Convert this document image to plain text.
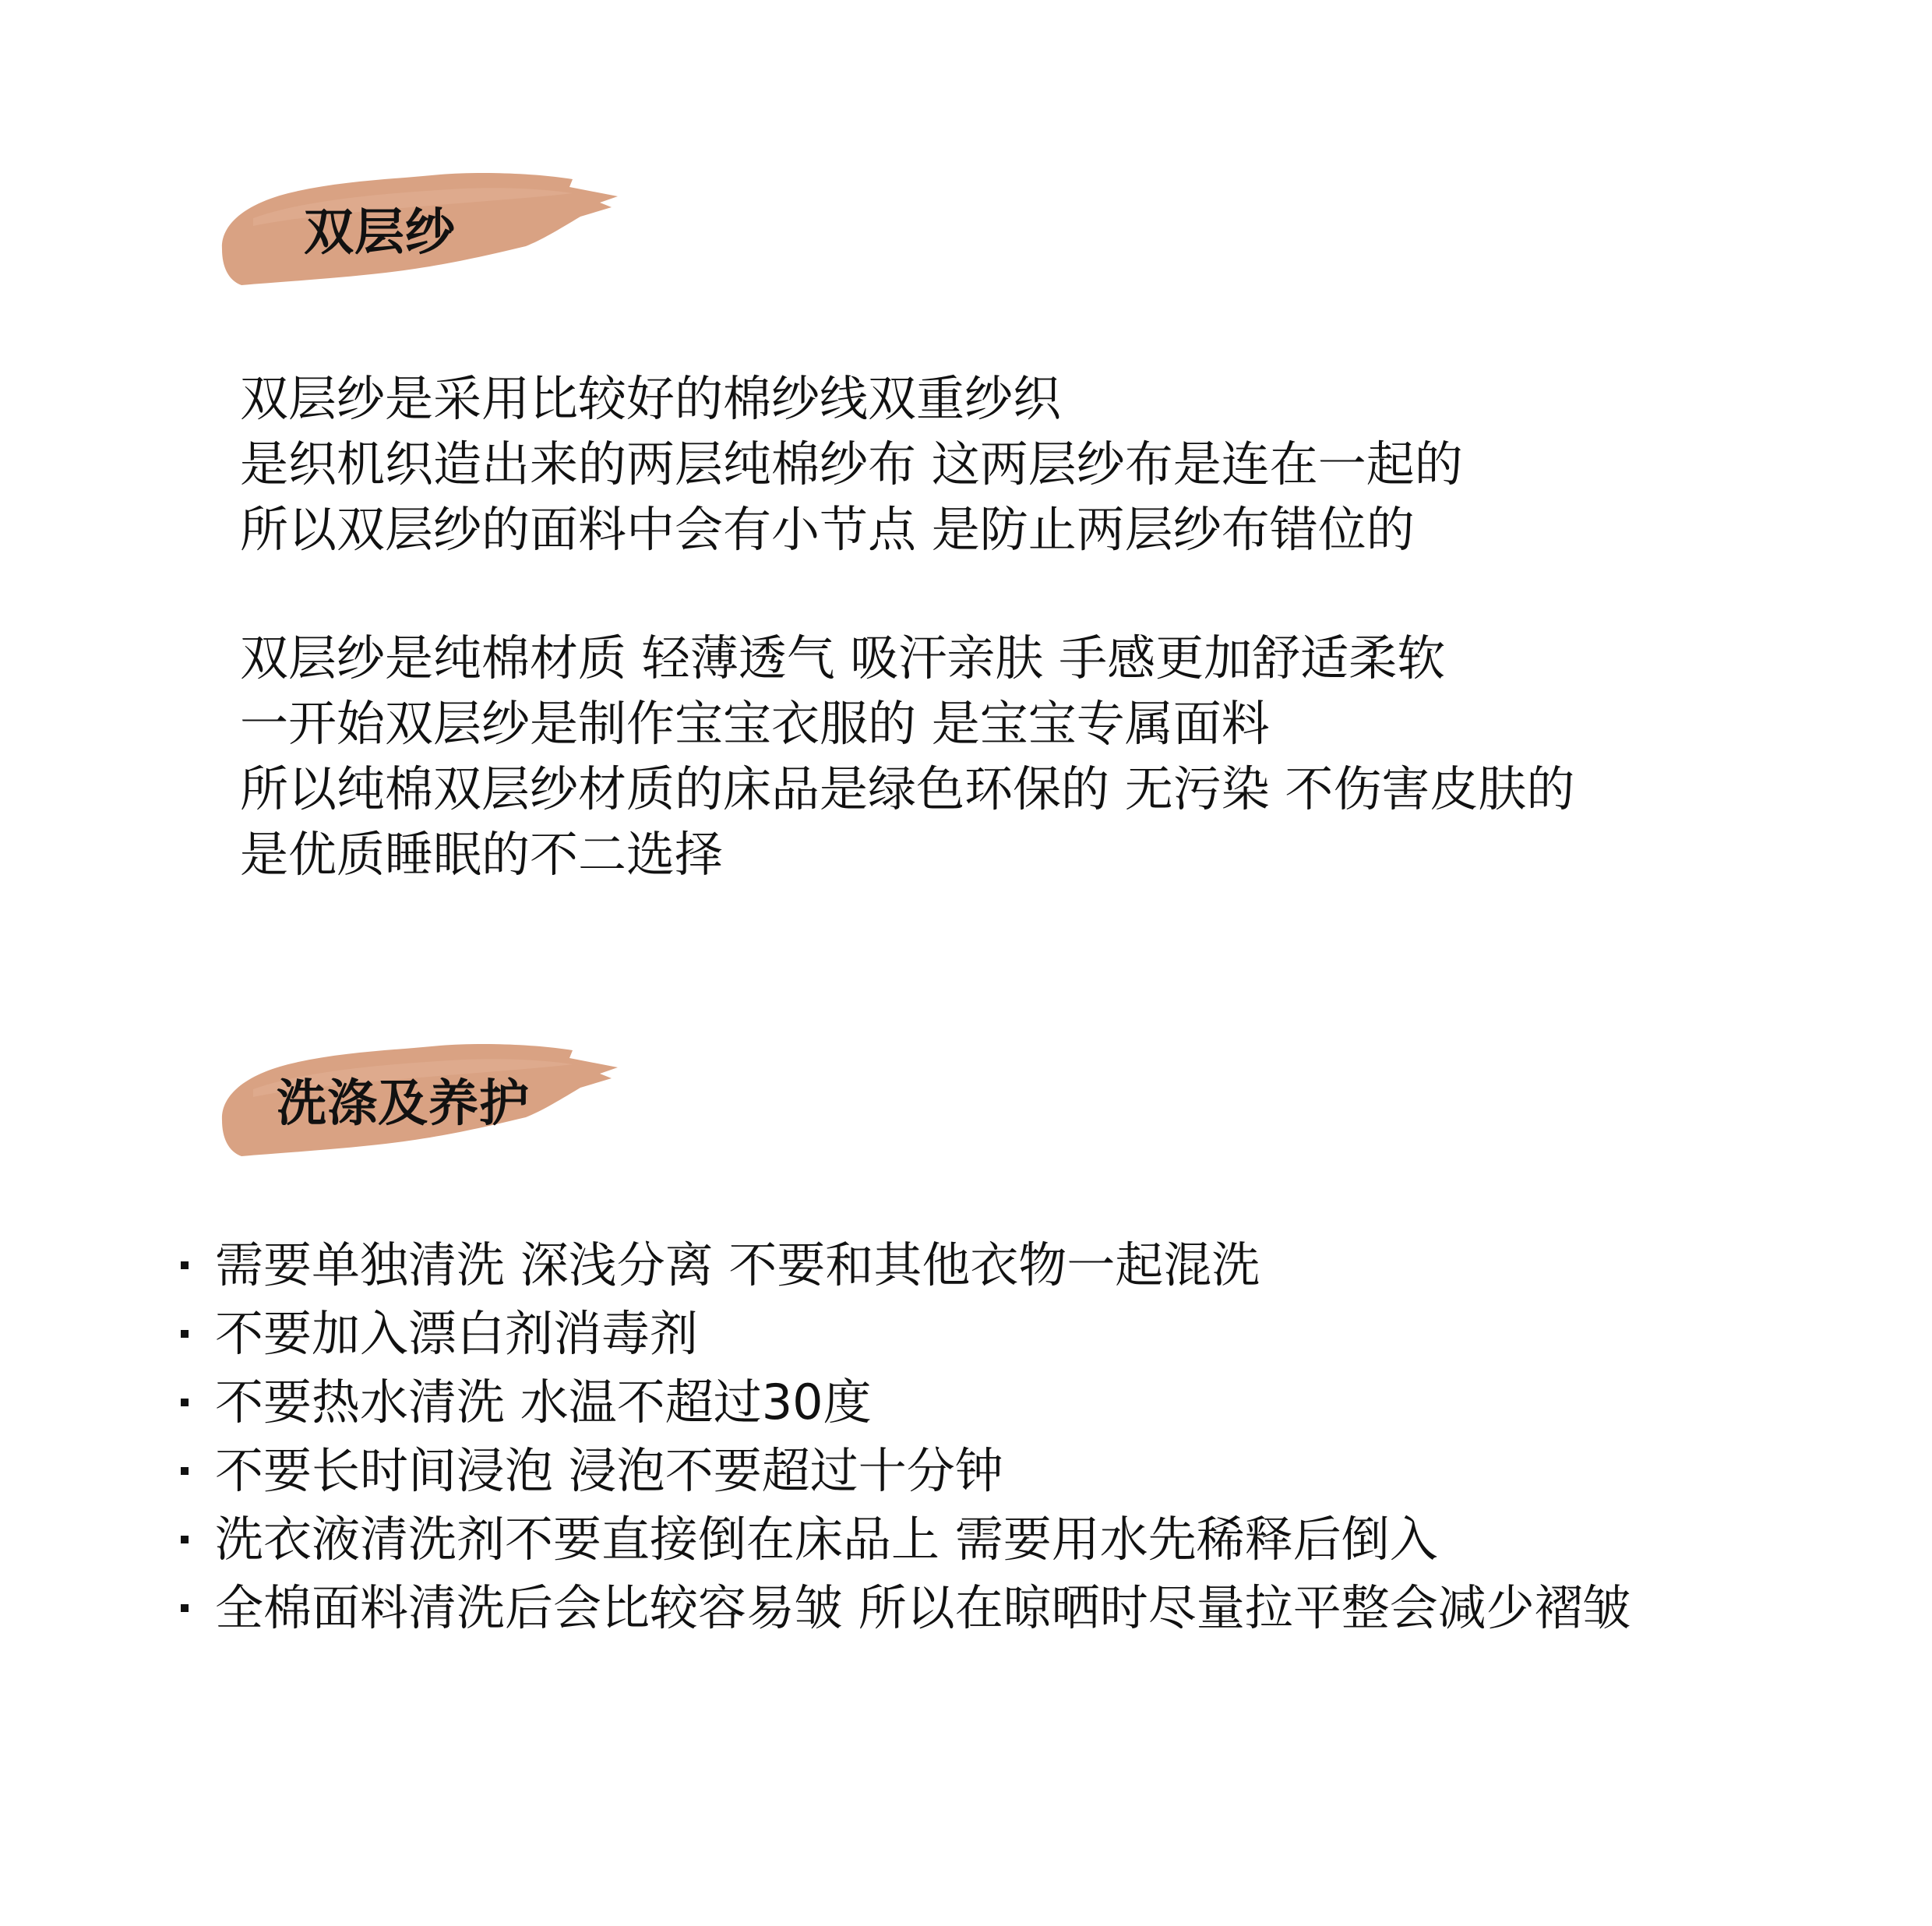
双层纱
双层纱是采用比较好的棉纱线双重纱织
是织机织造出来的两层纯棉纱布 这两层纱布是连在一起的
所以双层纱的面料中会有小节点 是防止两层纱布错位的
双层纱是纯棉材质 轻薄透气 吸汗亲肤 手感更加舒适柔软
一开始双层纱是制作宝宝衣服的 是宝宝专属面料
所以纯棉双层纱材质的床品是绿色环保的 无污染 不伤害皮肤的
是优质睡眠的不二选择
洗涤及养护
需要单独清洗 深浅分离 不要和其他衣物一起混洗
不要加入漂白剂消毒剂
不要热水清洗 水温不超过30度
不要长时间浸泡 浸泡不要超过十分钟
洗衣液清洗剂不要直接倒在床品上 需要用水先稀释后倒入
全棉面料清洗后会比较容易皱 所以在晾晒时尽量拉平整会减少褶皱
